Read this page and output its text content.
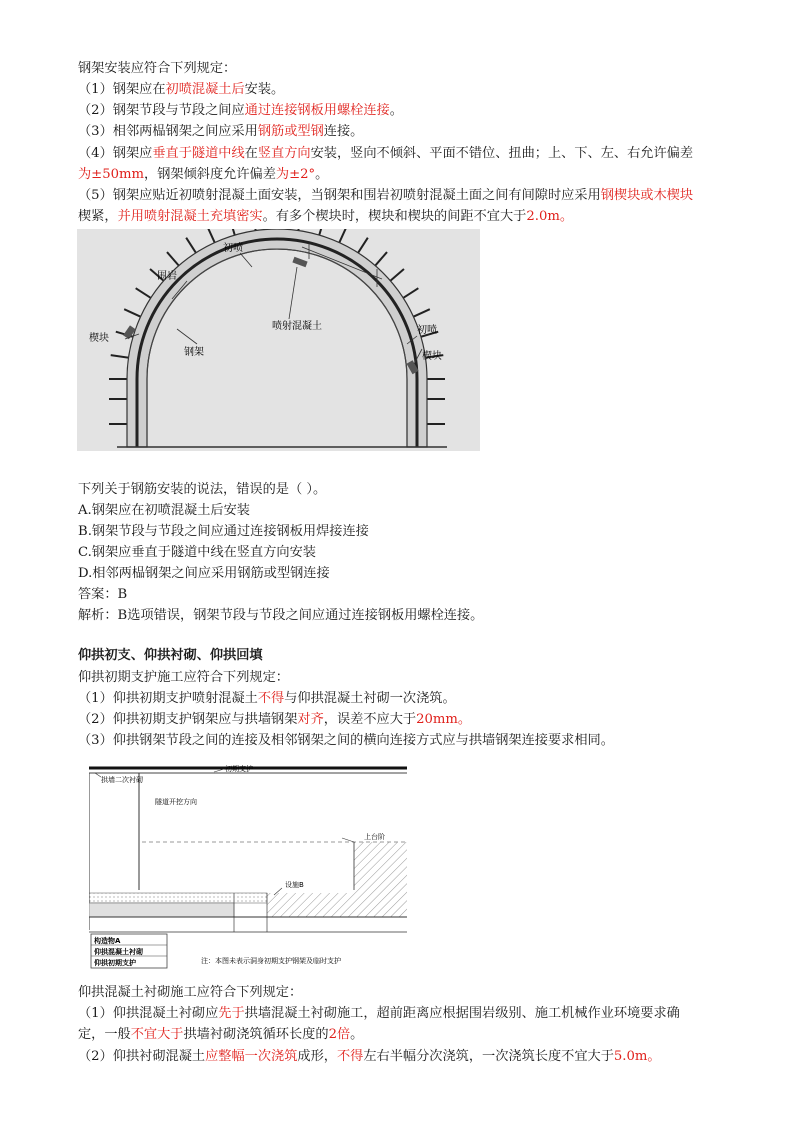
钢架安装应符合下列规定：
（1）钢架应在初喷混凝土后安装。
（2）钢架节段与节段之间应通过连接钢板用螺栓连接。
（3）相邻两榀钢架之间应采用钢筋或型钢连接。
（4）钢架应垂直于隧道中线在竖直方向安装，竖向不倾斜、平面不错位、扭曲；上、下、左、右允许偏差
为±50mm，钢架倾斜度允许偏差为±2°。
（5）钢架应贴近初喷射混凝土面安装，当钢架和围岩初喷射混凝土面之间有间隙时应采用钢楔块或木楔块
楔紧，并用喷射混凝土充填密实。有多个楔块时，楔块和楔块的间距不宜大于2.0m。
初喷
围岩
喷射混凝土	初喷
楔块
钢架	楔块
下列关于钢筋安装的说法，错误的是（ ）。
A.钢架应在初喷混凝土后安装
B.钢架节段与节段之间应通过连接钢板用焊接连接
C.钢架应垂直于隧道中线在竖直方向安装
D.相邻两榀钢架之间应采用钢筋或型钢连接
答案：B
解析：B选项错误，钢架节段与节段之间应通过连接钢板用螺栓连接。
仰拱初支、仰拱衬砌、仰拱回填
仰拱初期支护施工应符合下列规定：
（1）仰拱初期支护喷射混凝土不得与仰拱混凝土衬砌一次浇筑。
（2）仰拱初期支护钢架应与拱墙钢架对齐，误差不应大于20mm。
（3）仰拱钢架节段之间的连接及相邻钢架之间的横向连接方式应与拱墙钢架连接要求相同。
拱墙二次衬砌
初期支护
隧道开挖方向
上台阶
设施B
构造物A
仰拱混凝土衬砌
仰拱初期支护	注：本图未表示洞身初期支护钢架及临时支护
仰拱混凝土衬砌施工应符合下列规定：
（1）仰拱混凝土衬砌应先于拱墙混凝土衬砌施工，超前距离应根据围岩级别、施工机械作业环境要求确
定，一般不宜大于拱墙衬砌浇筑循环长度的2倍。
（2）仰拱衬砌混凝土应整幅一次浇筑成形，不得左右半幅分次浇筑，一次浇筑长度不宜大于5.0m。
